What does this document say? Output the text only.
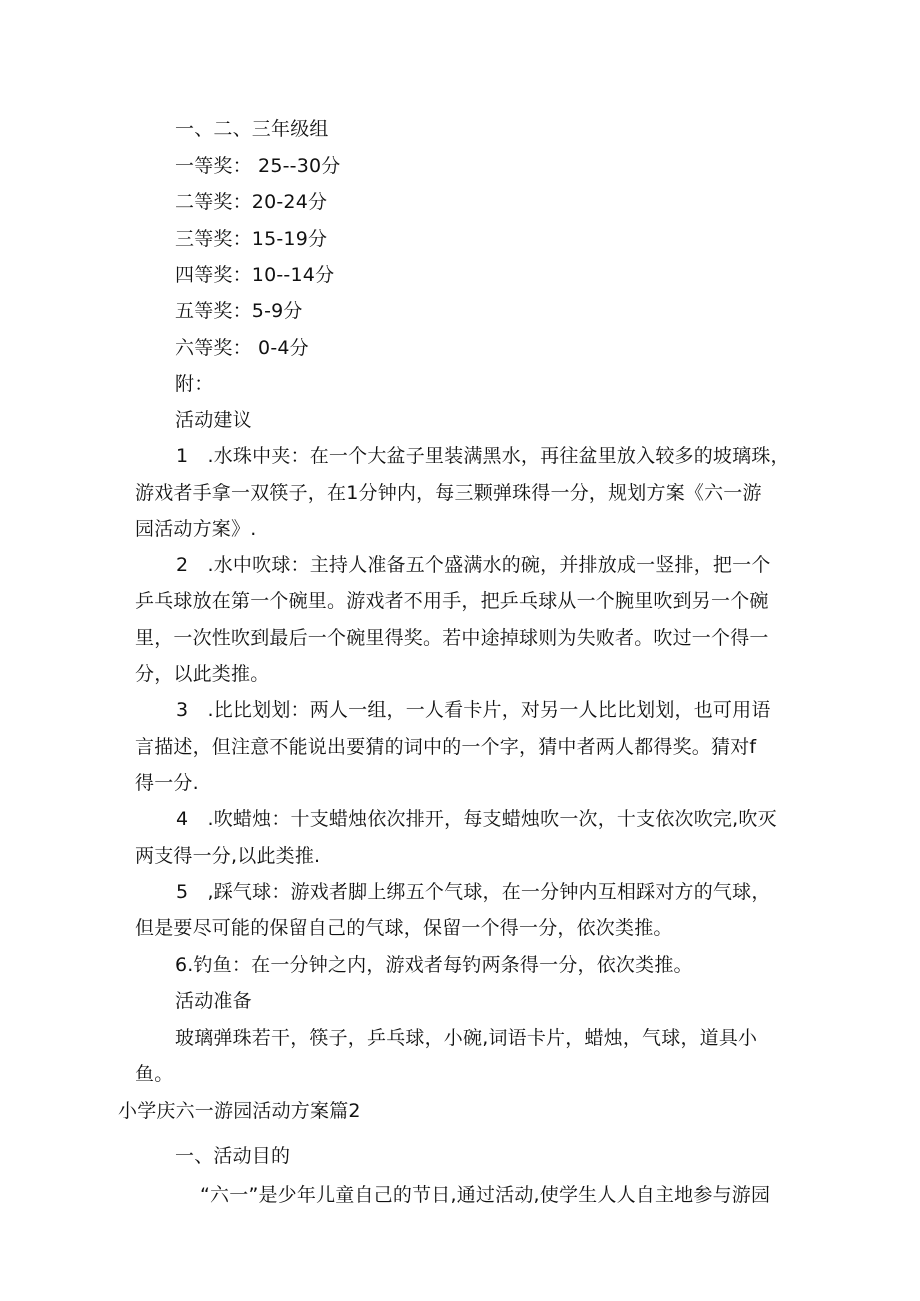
一、二、三年级组
一等奖： 25--30分
二等奖：20-24分
三等奖：15-19分
四等奖：10--14分
五等奖：5-9分
六等奖： 0-4分
附：
活动建议
1　.水珠中夹：在一个大盆子里装满黑水，再往盆里放入较多的坡璃珠，
游戏者手拿一双筷子，在1分钟内，每三颗弹珠得一分，规划方案《六一游
园活动方案》.
2　.水中吹球：主持人准备五个盛满水的碗，并排放成一竖排，把一个
乒乓球放在第一个碗里。游戏者不用手，把乒乓球从一个腕里吹到另一个碗
里，一次性吹到最后一个碗里得奖。若中途掉球则为失败者。吹过一个得一
分，以此类推。
3　.比比划划：两人一组，一人看卡片，对另一人比比划划，也可用语
言描述，但注意不能说出要猜的词中的一个字，猜中者两人都得奖。猜对f
得一分.
4　.吹蜡烛：十支蜡烛依次排开，每支蜡烛吹一次，十支依次吹完,吹灭
两支得一分,以此类推.
5　,踩气球：游戏者脚上绑五个气球，在一分钟内互相踩对方的气球，
但是要尽可能的保留自己的气球，保留一个得一分，依次类推。
6.钓鱼：在一分钟之内，游戏者每钓两条得一分，依次类推。
活动准备
玻璃弹珠若干，筷子，乒乓球，小碗,词语卡片，蜡烛，气球，道具小
鱼。
小学庆六一游园活动方案篇2
一、活动目的
“六一”是少年儿童自己的节日,通过活动,使学生人人自主地参与游园
